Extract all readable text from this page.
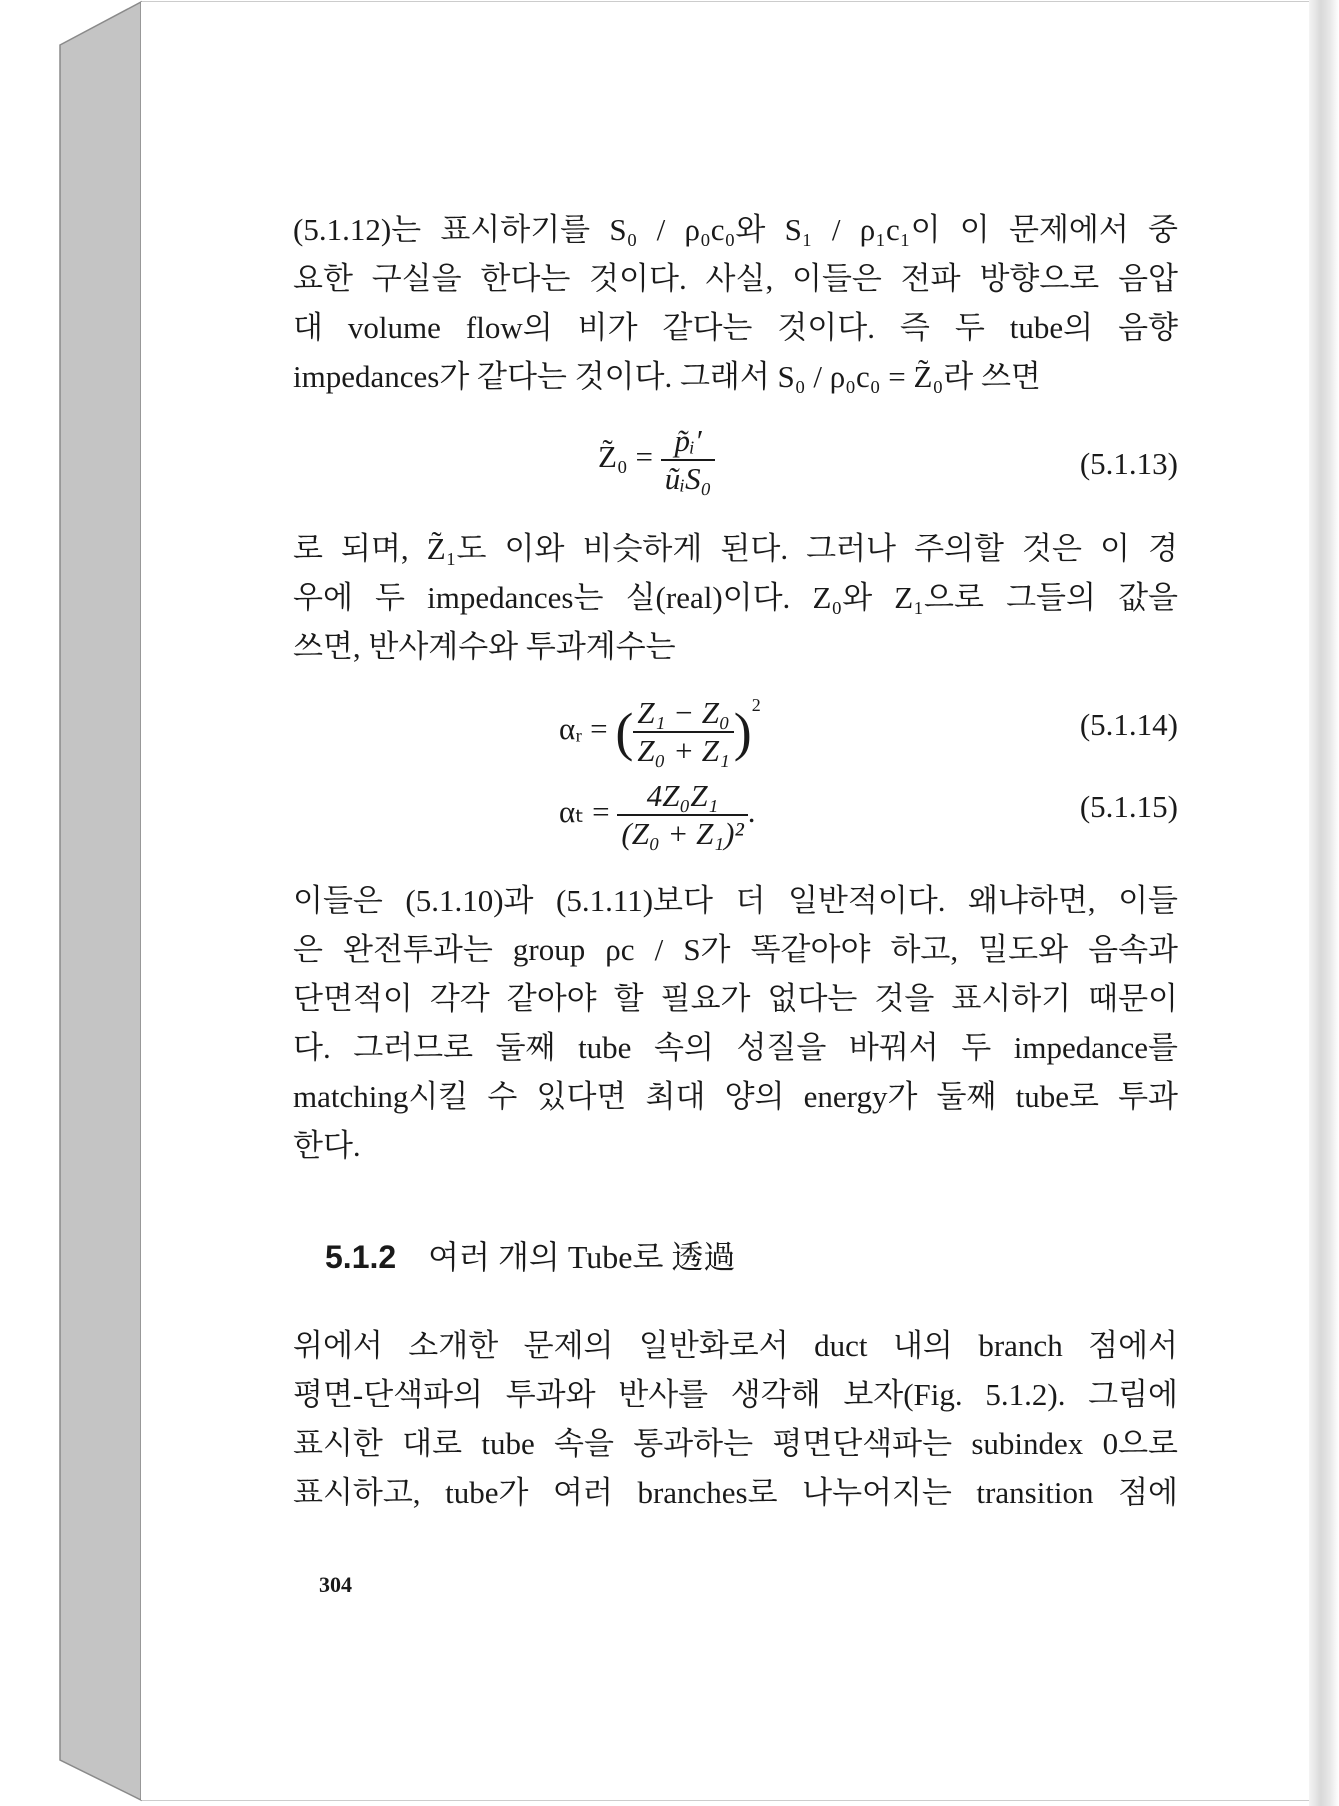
(5.1.12)는 표시하기를 S₀ / ρ₀c₀와 S₁ / ρ₁c₁이 이 문제에서 중
요한 구실을 한다는 것이다. 사실, 이들은 전파 방향으로 음압
대 volume flow의 비가 같다는 것이다. 즉 두 tube의 음향
impedances가 같다는 것이다. 그래서 S₀ / ρ₀c₀ = Z̃₀라 쓰면
Z̃₀ = $\frac{\text{p̃ᵢ′}}{\text{ũᵢS₀}}$	(5.1.13)
로 되며, Z̃₁도 이와 비슷하게 된다. 그러나 주의할 것은 이 경
우에 두 impedances는 실(real)이다. Z₀와 Z₁으로 그들의 값을
쓰면, 반사계수와 투과계수는
αᵣ = ( $\frac{\text{Z₁ − Z₀}}{\text{Z₀ + Z₁}} )^2$
(5.1.14)
$\alpha_t = \frac{\text{4Z₀Z₁}}{\text{(Z₀ + Z₁)²}}$ .	(5.1.15)
이들은 (5.1.10)과 (5.1.11)보다 더 일반적이다. 왜냐하면, 이들
은 완전투과는 group ρc / S가 똑같아야 하고, 밀도와 음속과
단면적이 각각 같아야 할 필요가 없다는 것을 표시하기 때문이
다. 그러므로 둘째 tube 속의 성질을 바꿔서 두 impedance를
matching시킬 수 있다면 최대 양의 energy가 둘째 tube로 투과
한다.
5.1.2 여러 개의 Tube로 透過
위에서 소개한 문제의 일반화로서 duct 내의 branch 점에서
평면-단색파의 투과와 반사를 생각해 보자(Fig. 5.1.2). 그림에
표시한 대로 tube 속을 통과하는 평면단색파는 subindex 0으로
표시하고, tube가 여러 branches로 나누어지는 transition 점에
304
